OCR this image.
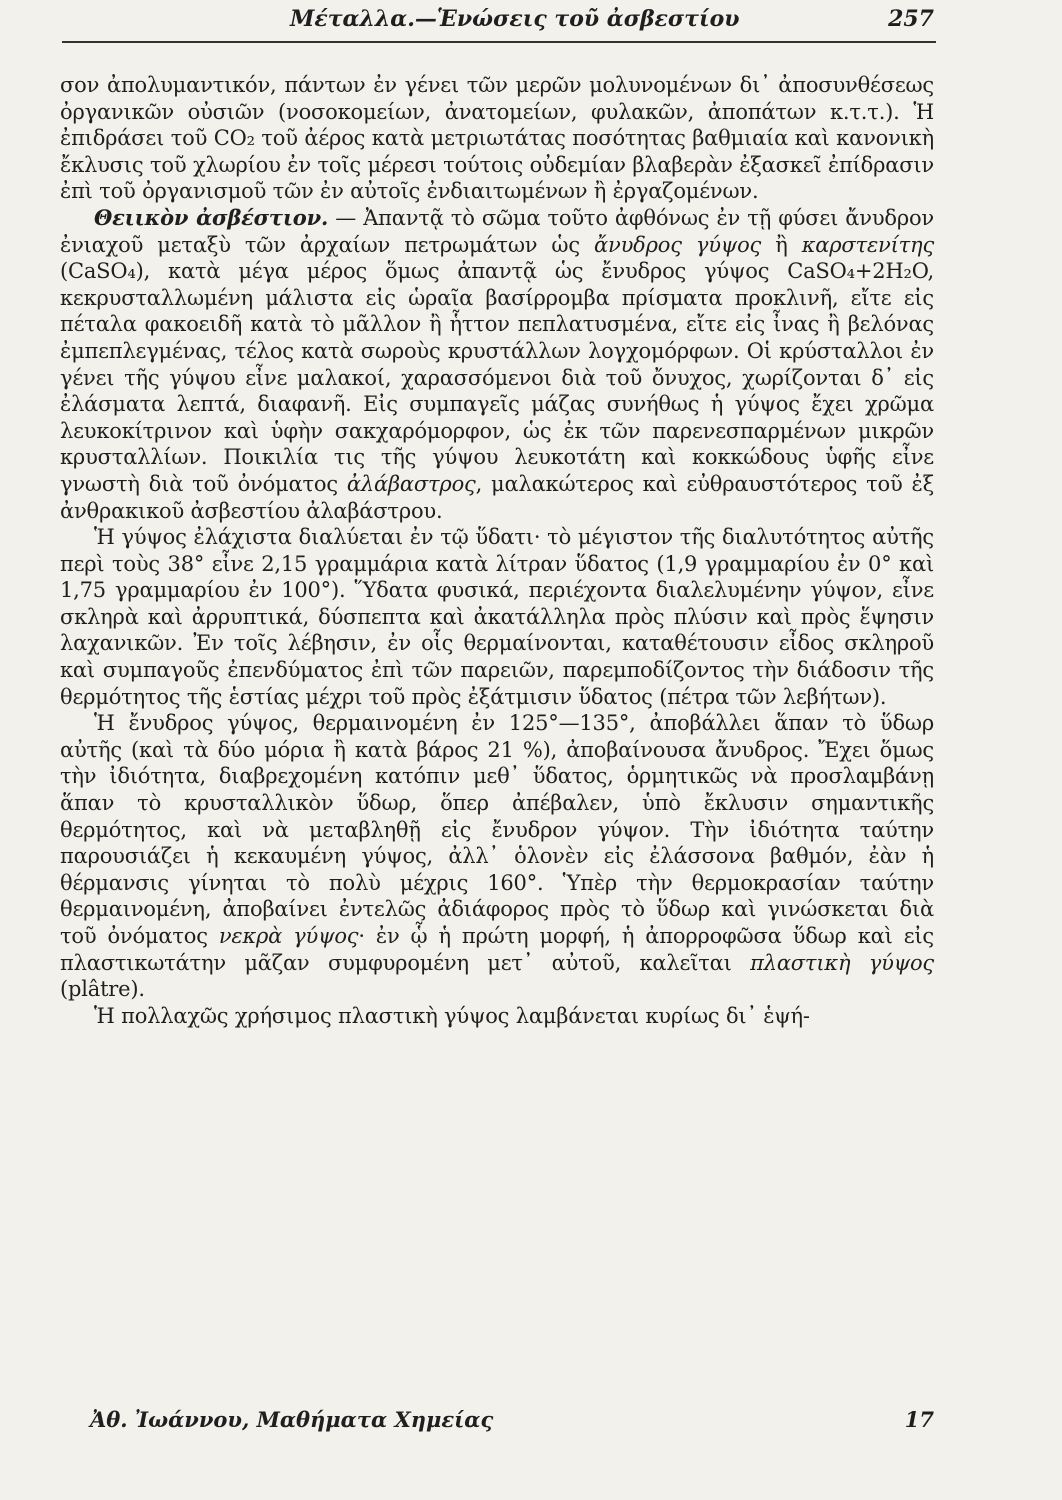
Μέταλλα.—Ἑνώσεις τοῦ ἀσβεστίου	257

σον ἀπολυμαντικόν, πάντων ἐν γένει τῶν μερῶν μολυνομένων δι᾽ ἀποσυνθέσεως ὀργανικῶν οὐσιῶν (νοσοκομείων, ἀνατομείων, φυλακῶν, ἀποπάτων κ.τ.τ.). Ἡ ἐπιδράσει τοῦ CO₂ τοῦ ἀέρος κατὰ μετριωτάτας ποσότητας βαθμιαία καὶ κανονικὴ ἔκλυσις τοῦ χλωρίου ἐν τοῖς μέρεσι τούτοις οὐδεμίαν βλαβερὰν ἐξασκεῖ ἐπίδρασιν ἐπὶ τοῦ ὀργανισμοῦ τῶν ἐν αὐτοῖς ἐνδιαιτωμένων ἢ ἐργαζομένων.

Θειικὸν ἀσβέστιον. — Ἀπαντᾷ τὸ σῶμα τοῦτο ἀφθόνως ἐν τῇ φύσει ἄνυδρον ἐνιαχοῦ μεταξὺ τῶν ἀρχαίων πετρωμάτων ὡς ἄνυδρος γύψος ἢ καρστενίτης (CaSO₄), κατὰ μέγα μέρος ὅμως ἀπαντᾷ ὡς ἔνυδρος γύψος CaSO₄+2H₂O, κεκρυσταλλωμένη μάλιστα εἰς ὡραῖα βασίρρομβα πρίσματα προκλινῆ, εἴτε εἰς πέταλα φακοειδῆ κατὰ τὸ μᾶλλον ἢ ἧττον πεπλατυσμένα, εἴτε εἰς ἶνας ἢ βελόνας ἐμπεπλεγμένας, τέλος κατὰ σωροὺς κρυστάλλων λογχομόρφων. Οἱ κρύσταλλοι ἐν γένει τῆς γύψου εἶνε μαλακοί, χαρασσόμενοι διὰ τοῦ ὄνυχος, χωρίζονται δ᾽ εἰς ἐλάσματα λεπτά, διαφανῆ. Εἰς συμπαγεῖς μάζας συνήθως ἡ γύψος ἔχει χρῶμα λευκοκίτρινον καὶ ὑφὴν σακχαρόμορφον, ὡς ἐκ τῶν παρενεσπαρμένων μικρῶν κρυσταλλίων. Ποικιλία τις τῆς γύψου λευκοτάτη καὶ κοκκώδους ὑφῆς εἶνε γνωστὴ διὰ τοῦ ὀνόματος ἀλάβαστρος, μαλακώτερος καὶ εὐθραυστότερος τοῦ ἐξ ἀνθρακικοῦ ἀσβεστίου ἀλαβάστρου.

Ἡ γύψος ἐλάχιστα διαλύεται ἐν τῷ ὕδατι· τὸ μέγιστον τῆς διαλυτότητος αὐτῆς περὶ τοὺς 38° εἶνε 2,15 γραμμάρια κατὰ λίτραν ὕδατος (1,9 γραμμαρίου ἐν 0° καὶ 1,75 γραμμαρίου ἐν 100°). Ὕδατα φυσικά, περιέχοντα διαλελυμένην γύψον, εἶνε σκληρὰ καὶ ἀρρυπτικά, δύσπεπτα καὶ ἀκατάλληλα πρὸς πλύσιν καὶ πρὸς ἕψησιν λαχανικῶν. Ἐν τοῖς λέβησιν, ἐν οἷς θερμαίνονται, καταθέτουσιν εἶδος σκληροῦ καὶ συμπαγοῦς ἐπενδύματος ἐπὶ τῶν παρειῶν, παρεμποδίζοντος τὴν διάδοσιν τῆς θερμότητος τῆς ἑστίας μέχρι τοῦ πρὸς ἐξάτμισιν ὕδατος (πέτρα τῶν λεβήτων).

Ἡ ἔνυδρος γύψος, θερμαινομένη ἐν 125°—135°, ἀποβάλλει ἅπαν τὸ ὕδωρ αὐτῆς (καὶ τὰ δύο μόρια ἢ κατὰ βάρος 21 %), ἀποβαίνουσα ἄνυδρος. Ἔχει ὅμως τὴν ἰδιότητα, διαβρεχομένη κατόπιν μεθ᾽ ὕδατος, ὁρμητικῶς νὰ προσλαμβάνῃ ἅπαν τὸ κρυσταλλικὸν ὕδωρ, ὅπερ ἀπέβαλεν, ὑπὸ ἔκλυσιν σημαντικῆς θερμότητος, καὶ νὰ μεταβληθῇ εἰς ἔνυδρον γύψον. Τὴν ἰδιότητα ταύτην παρουσιάζει ἡ κεκαυμένη γύψος, ἀλλ᾽ ὁλονὲν εἰς ἐλάσσονα βαθμόν, ἐὰν ἡ θέρμανσις γίνηται τὸ πολὺ μέχρις 160°. Ὑπὲρ τὴν θερμοκρασίαν ταύτην θερμαινομένη, ἀποβαίνει ἐντελῶς ἀδιάφορος πρὸς τὸ ὕδωρ καὶ γινώσκεται διὰ τοῦ ὀνόματος νεκρὰ γύψος· ἐν ᾧ ἡ πρώτη μορφή, ἡ ἀπορροφῶσα ὕδωρ καὶ εἰς πλαστικωτάτην μᾶζαν συμφυρομένη μετ᾽ αὐτοῦ, καλεῖται πλαστικὴ γύψος (plâtre).

Ἡ πολλαχῶς χρήσιμος πλαστικὴ γύψος λαμβάνεται κυρίως δι᾽ ἑψή-

Ἀθ. Ἰωάννου, Μαθήματα Χημείας	17
